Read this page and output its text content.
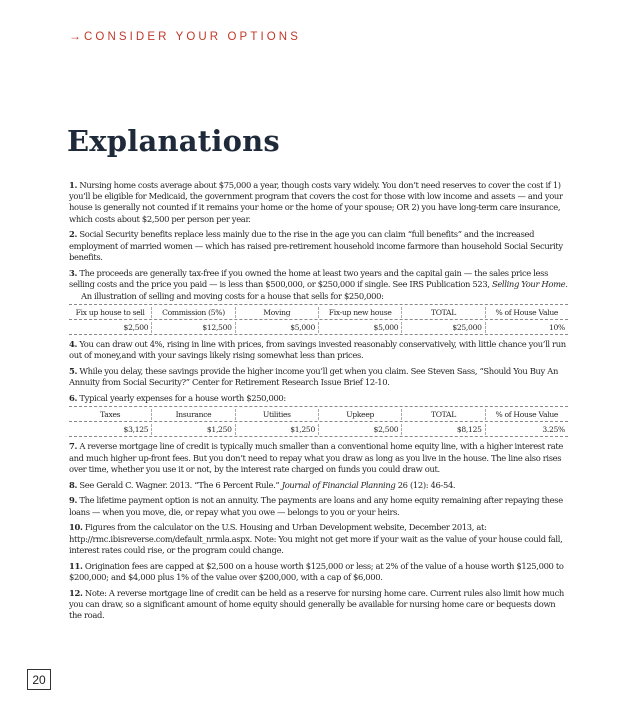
→ CONSIDER YOUR OPTIONS
Explanations

1. Nursing home costs average about $75,000 a year, though costs vary widely. You don’t need reserves to cover the cost if 1) you’ll be eligible for Medicaid, the government program that covers the cost for those with low income and assets — and your house is generally not counted if it remains your home or the home of your spouse; OR 2) you have long-term care insurance, which costs about $2,500 per person per year.

2. Social Security benefits replace less mainly due to the rise in the age you can claim “full benefits” and the increased employment of married women — which has raised pre-retirement household income farmore than household Social Security benefits.

3. The proceeds are generally tax-free if you owned the home at least two years and the capital gain — the sales price less selling costs and the price you paid — is less than $500,000, or $250,000 if single. See IRS Publication 523, Selling Your Home.

An illustration of selling and moving costs for a house that sells for $250,000:

Fix up house to sell	Commission (5%)	Moving	Fix-up new house	TOTAL	% of House Value
$2,500	$12,500	$5,000	$5,000	$25,000	10%

4. You can draw out 4%, rising in line with prices, from savings invested reasonably conservatively, with little chance you’ll run out of money,and with your savings likely rising somewhat less than prices.

5. While you delay, these savings provide the higher income you’ll get when you claim. See Steven Sass, “Should You Buy An Annuity from Social Security?” Center for Retirement Research Issue Brief 12-10.

6. Typical yearly expenses for a house worth $250,000:

Taxes	Insurance	Utilities	Upkeep	TOTAL	% of House Value
$3,125	$1,250	$1,250	$2,500	$8,125	3.25%

7. A reverse mortgage line of credit is typically much smaller than a conventional home equity line, with a higher interest rate and much higher up-front fees. But you don’t need to repay what you draw as long as you live in the house. The line also rises over time, whether you use it or not, by the interest rate charged on funds you could draw out.

8. See Gerald C. Wagner. 2013. “The 6 Percent Rule.” Journal of Financial Planning 26 (12): 46-54.

9. The lifetime payment option is not an annuity. The payments are loans and any home equity remaining after repaying these loans — when you move, die, or repay what you owe — belongs to you or your heirs.

10. Figures from the calculator on the U.S. Housing and Urban Development website, December 2013, at: http://rmc.ibisreverse.com/default_nrmla.aspx. Note: You might not get more if your wait as the value of your house could fall, interest rates could rise, or the program could change.

11. Origination fees are capped at $2,500 on a house worth $125,000 or less; at 2% of the value of a house worth $125,000 to $200,000; and $4,000 plus 1% of the value over $200,000, with a cap of $6,000.

12. Note: A reverse mortgage line of credit can be held as a reserve for nursing home care. Current rules also limit how much you can draw, so a significant amount of home equity should generally be available for nursing home care or bequests down the road.

20
